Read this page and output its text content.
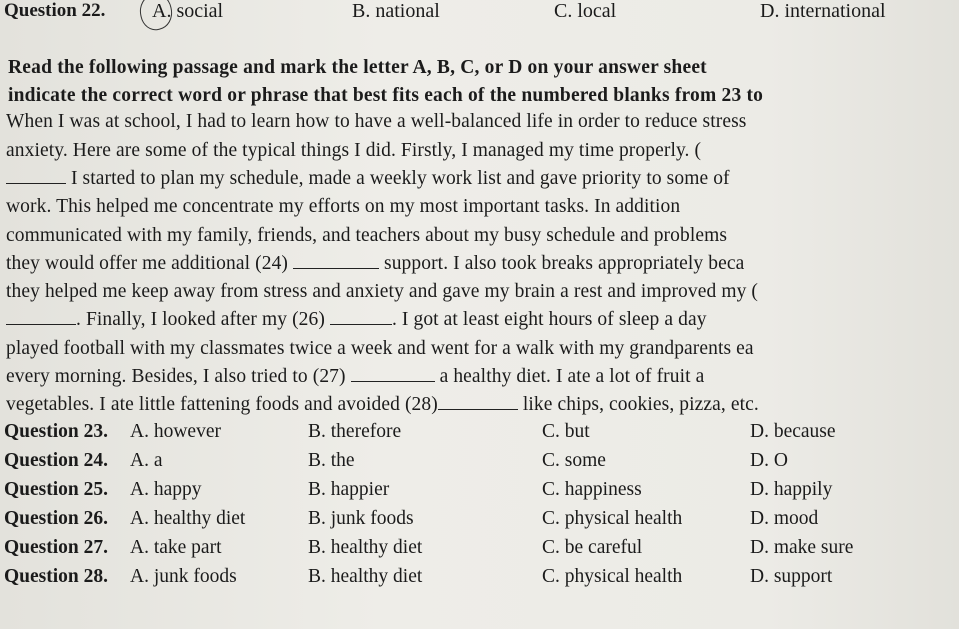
Question 22. A. social	B. national	C. local	D. international
Read the following passage and mark the letter A, B, C, or D on your answer sheet
indicate the correct word or phrase that best fits each of the numbered blanks from 23 to
When I was at school, I had to learn how to have a well-balanced life in order to reduce stress
anxiety. Here are some of the typical things I did. Firstly, I managed my time properly. (
I started to plan my schedule, made a weekly work list and gave priority to some of
work. This helped me concentrate my efforts on my most important tasks. In addition
communicated with my family, friends, and teachers about my busy schedule and problems
they would offer me additional (24)	support. I also took breaks appropriately beca
they helped me keep away from stress and anxiety and gave my brain a rest and improved my (
. Finally, I looked after my (26)	. I got at least eight hours of sleep a day
played football with my classmates twice a week and went for a walk with my grandparents ea
every morning. Besides, I also tried to (27)	a healthy diet. I ate a lot of fruit a
vegetables. I ate little fattening foods and avoided (28)	like chips, cookies, pizza, etc.
Question 23. A. however	B. therefore	C. but	D. because
Question 24. A. a	B. the	C. some	D. O
Question 25. A. happy	B. happier	C. happiness	D. happily
Question 26. A. healthy diet	B. junk foods	C. physical health	D. mood
Question 27. A. take part	B. healthy diet	C. be careful	D. make sure
Question 28. A. junk foods	B. healthy diet	C. physical health	D. support
